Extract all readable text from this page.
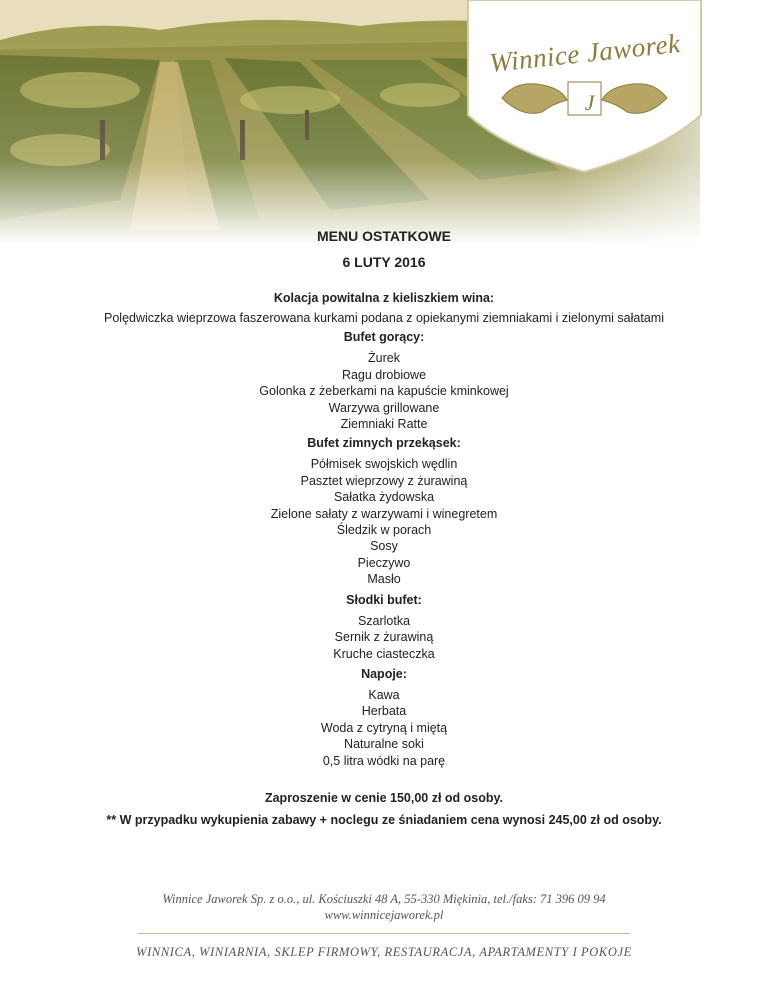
Winnice Jaworek
J

MENU OSTATKOWE

6 LUTY 2016

Kolacja powitalna z kieliszkiem wina:

Polędwiczka wieprzowa faszerowana kurkami podana z opiekanymi ziemniakami i zielonymi sałatami

Bufet gorący:

Żurek

Ragu drobiowe

Golonka z żeberkami na kapuście kminkowej

Warzywa grillowane

Ziemniaki Ratte

Bufet zimnych przekąsek:

Półmisek swojskich wędlin

Pasztet wieprzowy z żurawiną

Sałatka żydowska

Zielone sałaty z warzywami i winegretem

Śledzik w porach

Sosy

Pieczywo

Masło

Słodki bufet:

Szarlotka

Sernik z żurawiną

Kruche ciasteczka

Napoje:

Kawa

Herbata

Woda z cytryną i miętą

Naturalne soki

0,5 litra wódki na parę

Zaproszenie w cenie 150,00 zł od osoby.

** W przypadku wykupienia zabawy + noclegu ze śniadaniem cena wynosi 245,00 zł od osoby.

Winnice Jaworek Sp. z o.o., ul. Kościuszki 48 A, 55-330 Miękinia, tel./faks: 71 396 09 94
www.winnicejaworek.pl
WINNICA, WINIARNIA, SKLEP FIRMOWY, RESTAURACJA, APARTAMENTY I POKOJE
